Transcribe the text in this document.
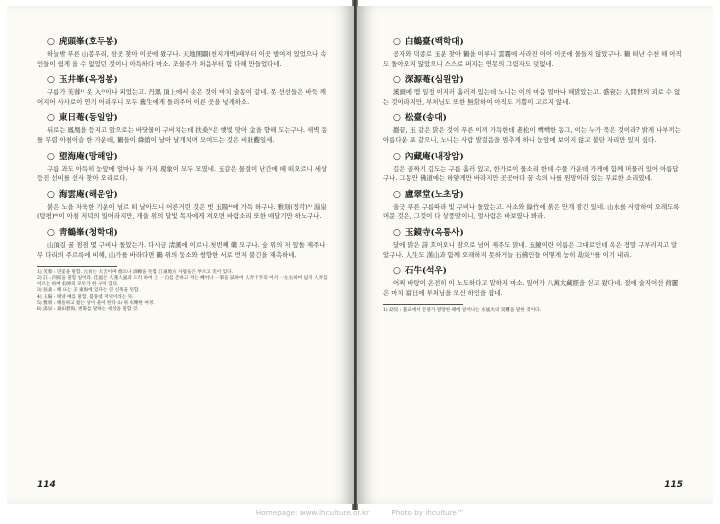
○ 虎頭峯(호두봉)

하늘밖 푸른 山봉우리, 삼곳 찾아 이곳에 왔구나. 天地開闢(천지개벽)때부터 이곳 벌여져 있었으나 속인들이 쉽게 올 수 없었던 것이니 아득하다 마소. 조물주가 처음부터 힘 다해 만들었다네.

○ 玉井峯(옥정봉)

구름가 芙蓉¹⁾ 옷 入²⁾이나 피었는고. 丹黒 頂上에서 솟은 것이 마치 술동이 같네. 못 선선들은 바둑 깨어지어 사사로이 연기 어리우니 모두 舊生에게 돌려주어 이른 곳을 넋게하소.

○ 東日菴(동일암)

뒤로는 鳳凰을 등지고 앞으로는 바닷물이 구비치는데 扶桑³⁾은 햇빛 맞아 金을 향해 도는구나. 새벽 동틀 무렵 아침이슬 한 가운데, 鶴들이 絳綃이 날아 날개치며 모여드는 것은 비壯觀일세.

○ 望海庵(망해암)

구름 과도 아득히 눈앞에 얼마나 툭 가지 現象이 모두 모였네. 玉같은 물결이 난간에 떼 떠오르니 세상 등진 선비를 선사 찾아 오리로다.

○ 海雲庵(해운암)

붉은 노을 자욱한 기운이 넘르 떠 날아드니 어른거린 것은 벗 玉陽⁴⁾에 가득 하구나. 雅刻(정각)⁵⁾ 湯泉(탕평)⁶⁾이 아침 저녁의 일어라지만, 개울 위의 달빛 목자에게 져오면 바람소리 또한 애달기만 하노구나.

○ 靑鶴峯(청학대)

山頂길 꿀 점점 몇 구비나 돌았는가. 다시금 淸溪에 이르니 첫번째 藥 모구나. 숲 위의 저 앞돌 제주나무 다리의 주르륵에 비해, 山가를 바라다면 鶴 위의 둥소와 쌍향한 서로 먼저 불긴을 재촉하네.

1) 芙蓉 : 연꽃을 말함. 元宵는 大吉이며 德으나 酒樽을 뜻함 江東地方 사람들은 부르고 芙이 있다.

2) 註 : 四結을 말함 일어라. 佳風은 人蓮人風과 드러 하여 上 一自를 존하고 저는 빼어나 一筆을 試하여 人弄十乎의 어서 一左右하여 넓지 人弄를 이르는 하여 仙界의 모두가 한 구이 있다.

3) 扶桑 : 해 뜨는 곳 東海에 있다는 큰 신목을 뜻함.

4) 玉陽 : 태양 얘를 말함, 불풍대 저녁이라는 뜻.

5) 雅刻 : 해돌하고 왔는 상이 울어 한다 山 위 水樂한 여정.

6) 湯泉 : 桑田碧海, 변화를 말하는 세상을 말함 것.

114
○ 白鶴臺(백학대)

공자와 덕종로 玉운 찾아 鶴을 이루니 雲霧에 사라진 이어 이곳에 물들지 않았구나. 鶴 떠난 수천 해 아직도 돌아오지 않았으니 스스로 퍼지는 연못의 그림자도 덧없네.

○ 深源菴(심원암)

溪頭에 맴 일정 이지러 흘러져 있는데 노니는 이의 마음 얼마나 해맑았는고. 盛衰는 人間世의 괴로 수 없는 것이라지만, 부처님도 또한 無常하여 아직도 기쁨이 고르지 않네.

○ 松臺(송대)

巖끝, 玉 같은 맑은 것이 푸른 이끼 가득한데 老松이 빽빽한 동그, 이는 누가 묵은 것이라? 밝게 나부끼는 아름다운 포 같으니, 노니는 사람 발걸음을 멈추게 하니 눈앞에 보이지 않고 불탄 자리만 있지 싶다.

○ 內藏庵(내장암)

깊은 골짜기 깊도는 구름 흘러 있고, 한가로이 물소리 한데 수풀 가운데 가게에 함께 머물러 있어 아름답구나. 그동안 佛道에는 하얗게만 바라지만 곳곳마다 꿈 속의 나를 원망이라 있는 무료한 소리였네.

○ 盧翠堂(노초당)

울긋 푸른 구름따라 빛 구비나 돌았는고. 사소와 綠竹에 붉은 안개 잠긴 있네. 山水를 사랑하여 오래도록 머문 것은, 그것이 다 상풍맞이니, 엊사람은 바보였나 봐라.

○ 玉鏡寺(옥통사)

달에 맑은 詩 흐어오니 잠으로 넘어 제주도 맑네. 玉鏡이란 이름은 그대로인데 옥은 정말 구부러지고 말았구나. 人生도 漢山과 함께 오래하지 못하거늘 石佛인들 어떻게 능히 劫災¹⁾를 이기 내리.

○ 石牛(석우)

어찌 바탕이 온전히 이 노도하다고 맡하지 마소. 일어가 八萬大藏經을 싣고 왔다네. 절에 술지어선 荷麗은 마치 富日에 부처님을 모신 하인을 잡네.

1) 劫災 : 불교에서 돈몽가 방망한 때에 일어나는 水風火의 災難을 말한 것이다.

115
Homepage: www.ihculture.or.kr	Photo by ihculture™
